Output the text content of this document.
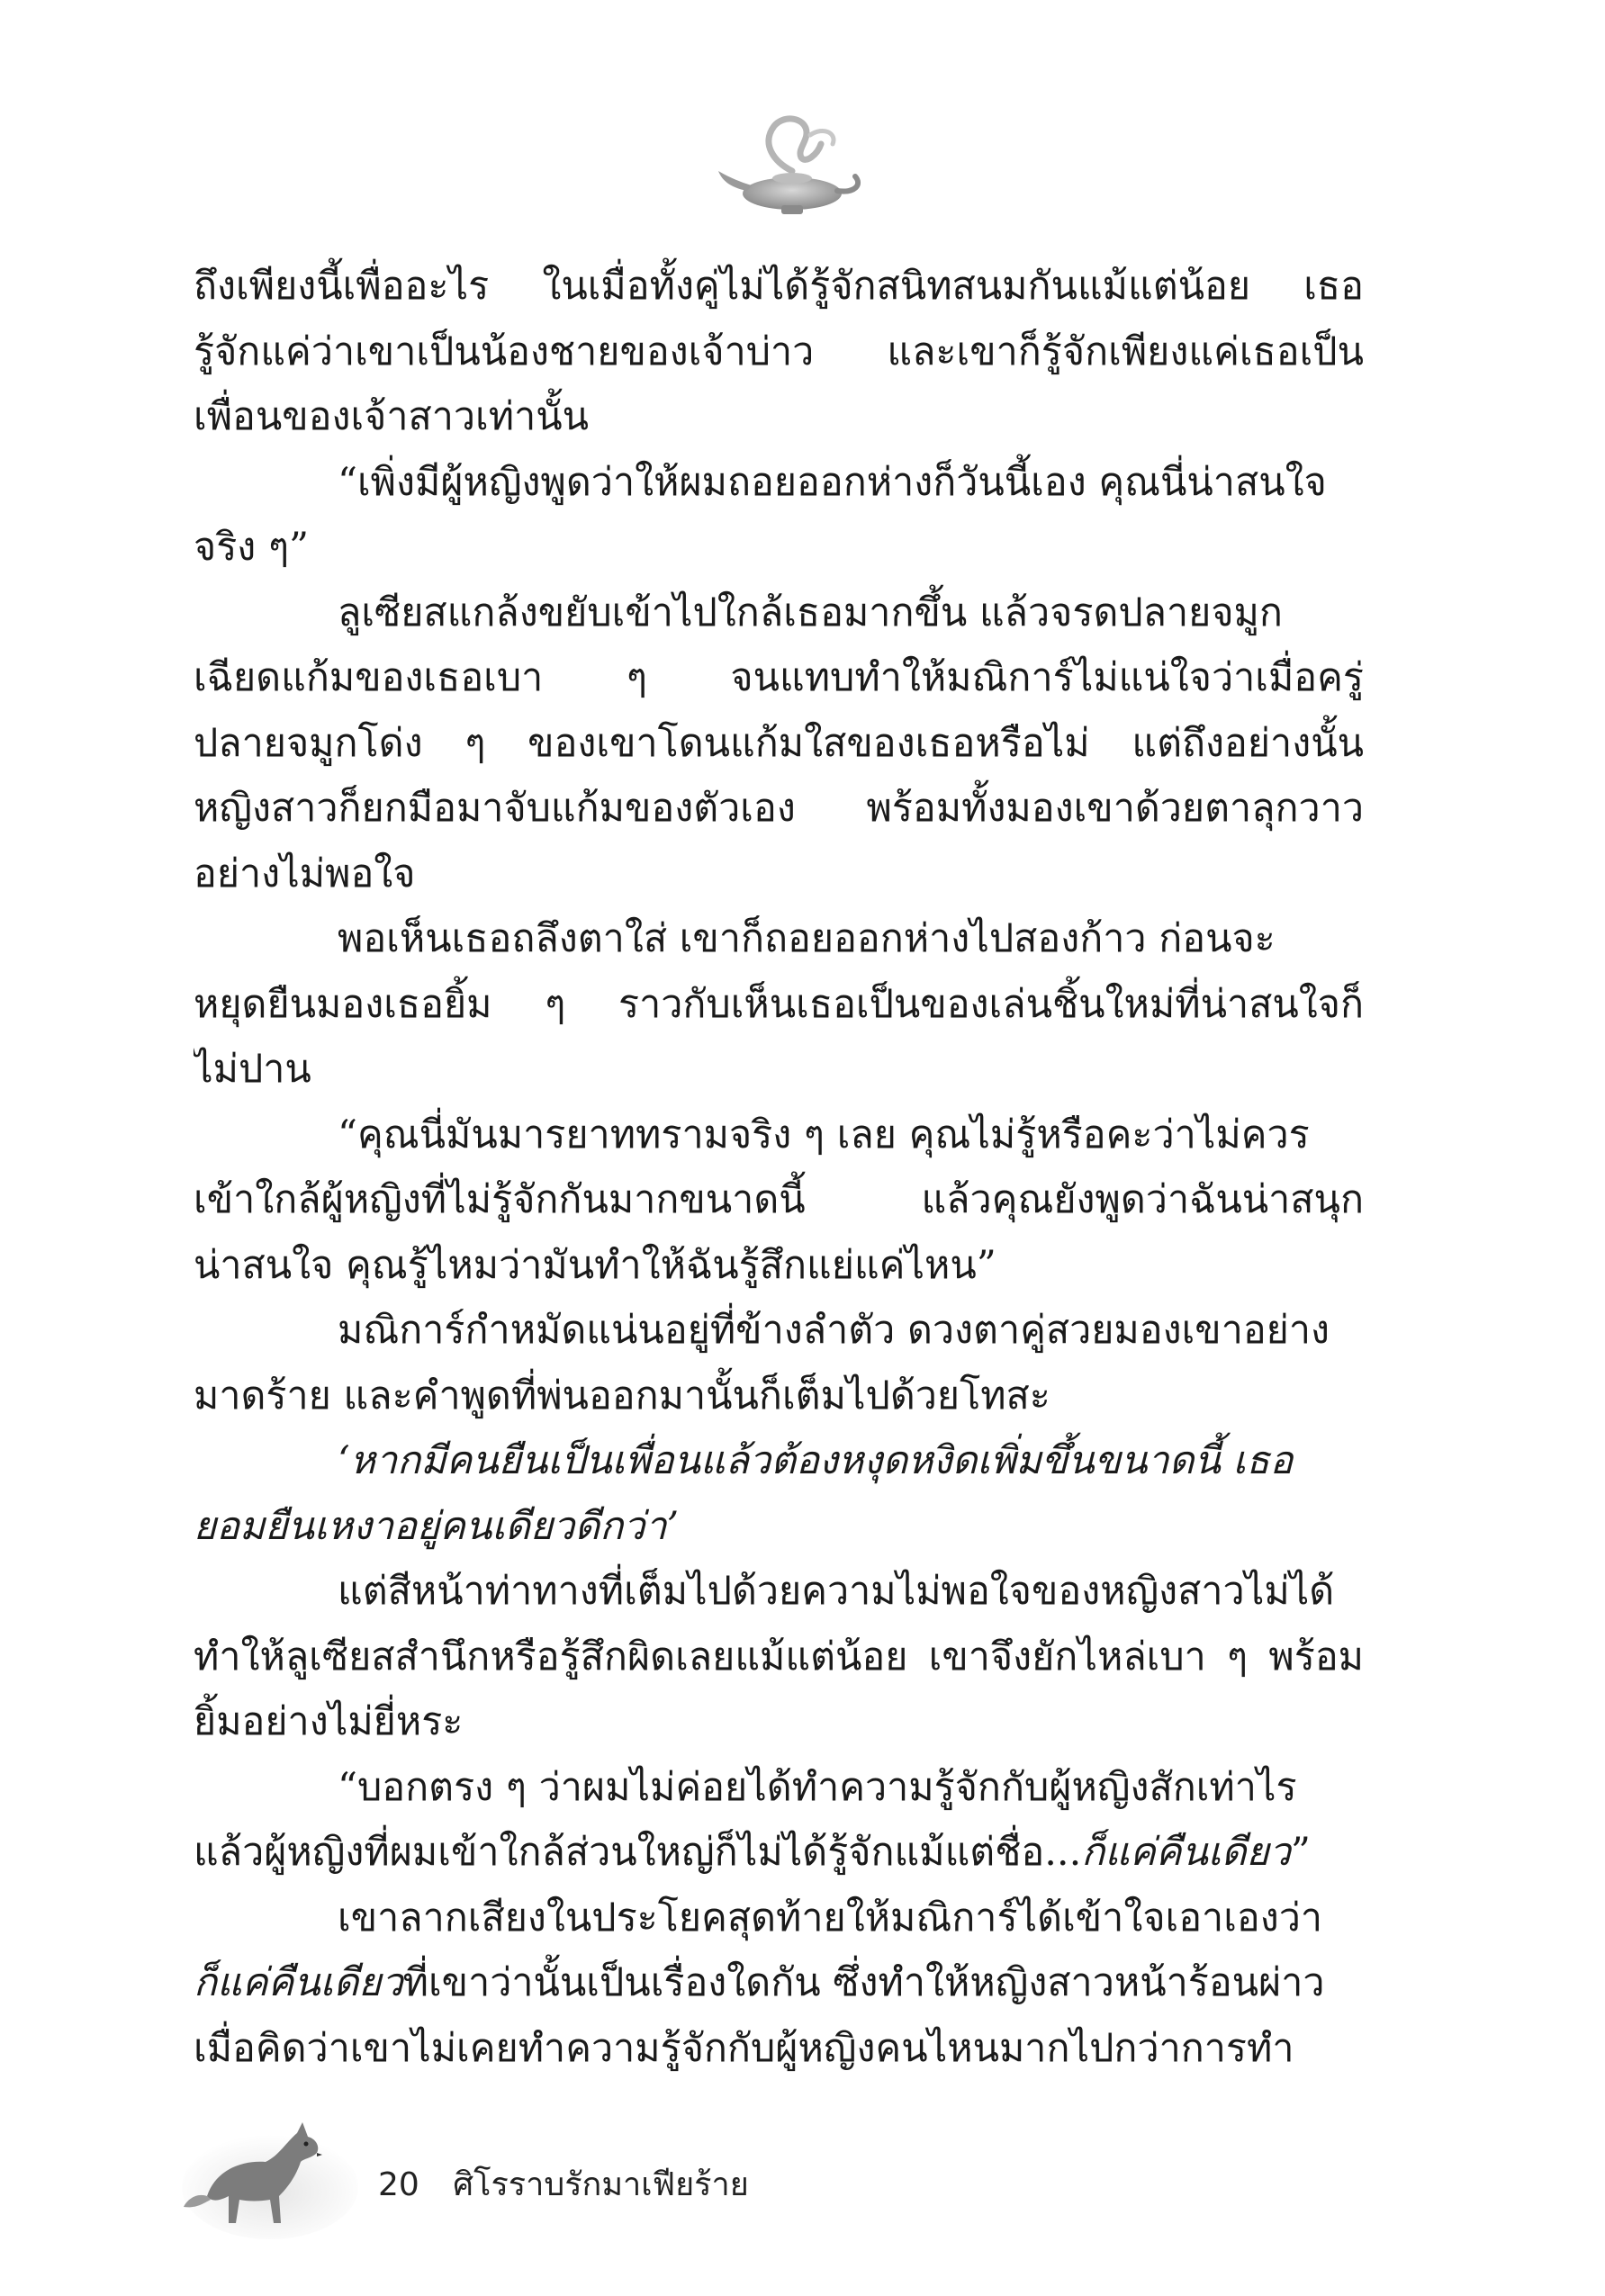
ถึงเพียงนี้เพื่ออะไร ในเมื่อทั้งคู่ไม่ได้รู้จักสนิทสนมกันแม้แต่น้อย เธอ
รู้จักแค่ว่าเขาเป็นน้องชายของเจ้าบ่าว และเขาก็รู้จักเพียงแค่เธอเป็น
เพื่อนของเจ้าสาวเท่านั้น
“เพิ่งมีผู้หญิงพูดว่าให้ผมถอยออกห่างก็วันนี้เอง คุณนี่น่าสนใจ
จริง ๆ”
ลูเซียสแกล้งขยับเข้าไปใกล้เธอมากขึ้น แล้วจรดปลายจมูก
เฉียดแก้มของเธอเบา ๆ จนแทบทำให้มณิการ์ไม่แน่ใจว่าเมื่อครู่
ปลายจมูกโด่ง ๆ ของเขาโดนแก้มใสของเธอหรือไม่ แต่ถึงอย่างนั้น
หญิงสาวก็ยกมือมาจับแก้มของตัวเอง พร้อมทั้งมองเขาด้วยตาลุกวาว
อย่างไม่พอใจ
พอเห็นเธอถลึงตาใส่ เขาก็ถอยออกห่างไปสองก้าว ก่อนจะ
หยุดยืนมองเธอยิ้ม ๆ ราวกับเห็นเธอเป็นของเล่นชิ้นใหม่ที่น่าสนใจก็
ไม่ปาน
“คุณนี่มันมารยาททรามจริง ๆ เลย คุณไม่รู้หรือคะว่าไม่ควร
เข้าใกล้ผู้หญิงที่ไม่รู้จักกันมากขนาดนี้ แล้วคุณยังพูดว่าฉันน่าสนุก
น่าสนใจ คุณรู้ไหมว่ามันทำให้ฉันรู้สึกแย่แค่ไหน”
มณิการ์กำหมัดแน่นอยู่ที่ข้างลำตัว ดวงตาคู่สวยมองเขาอย่าง
มาดร้าย และคำพูดที่พ่นออกมานั้นก็เต็มไปด้วยโทสะ
‘หากมีคนยืนเป็นเพื่อนแล้วต้องหงุดหงิดเพิ่มขึ้นขนาดนี้ เธอ
ยอมยืนเหงาอยู่คนเดียวดีกว่า’
แต่สีหน้าท่าทางที่เต็มไปด้วยความไม่พอใจของหญิงสาวไม่ได้
ทำให้ลูเซียสสำนึกหรือรู้สึกผิดเลยแม้แต่น้อย เขาจึงยักไหล่เบา ๆ พร้อม
ยิ้มอย่างไม่ยี่หระ
“บอกตรง ๆ ว่าผมไม่ค่อยได้ทำความรู้จักกับผู้หญิงสักเท่าไร
แล้วผู้หญิงที่ผมเข้าใกล้ส่วนใหญ่ก็ไม่ได้รู้จักแม้แต่ชื่อ...ก็แค่คืนเดียว”
เขาลากเสียงในประโยคสุดท้ายให้มณิการ์ได้เข้าใจเอาเองว่า
ก็แค่คืนเดียวที่เขาว่านั้นเป็นเรื่องใดกัน ซึ่งทำให้หญิงสาวหน้าร้อนผ่าว
เมื่อคิดว่าเขาไม่เคยทำความรู้จักกับผู้หญิงคนไหนมากไปกว่าการทำ
20 ศิโรราบรักมาเฟียร้าย
